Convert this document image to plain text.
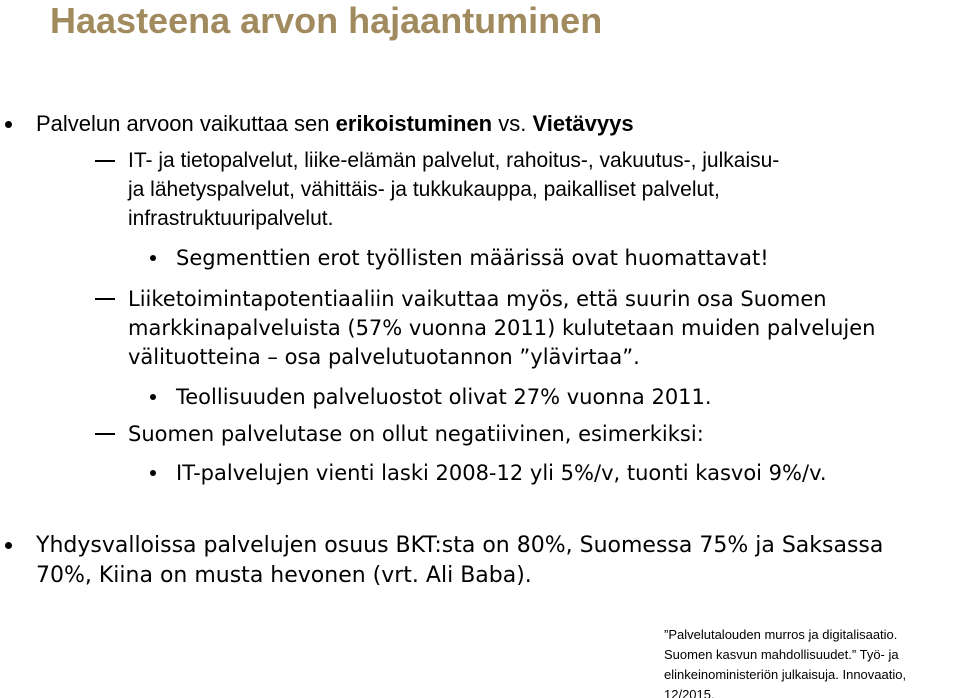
Haasteena arvon hajaantuminen
Palvelun arvoon vaikuttaa sen erikoistuminen vs. Vietävyys
IT- ja tietopalvelut, liike-elämän palvelut, rahoitus-, vakuutus-, julkaisu-
ja lähetyspalvelut, vähittäis- ja tukkukauppa, paikalliset palvelut,
infrastruktuuripalvelut.
Segmenttien erot työllisten määrissä ovat huomattavat!
Liiketoimintapotentiaaliin vaikuttaa myös, että suurin osa Suomen
markkinapalveluista (57% vuonna 2011) kulutetaan muiden palvelujen
välituotteina – osa palvelutuotannon ”ylävirtaa”.
Teollisuuden palveluostot olivat 27% vuonna 2011.
Suomen palvelutase on ollut negatiivinen, esimerkiksi:
IT-palvelujen vienti laski 2008-12 yli 5%/v, tuonti kasvoi 9%/v.
Yhdysvalloissa palvelujen osuus BKT:sta on 80%, Suomessa 75% ja Saksassa
70%, Kiina on musta hevonen (vrt. Ali Baba).
”Palvelutalouden murros ja digitalisaatio.
Suomen kasvun mahdollisuudet.” Työ- ja
elinkeinoministeriön julkaisuja. Innovaatio,
12/2015.
